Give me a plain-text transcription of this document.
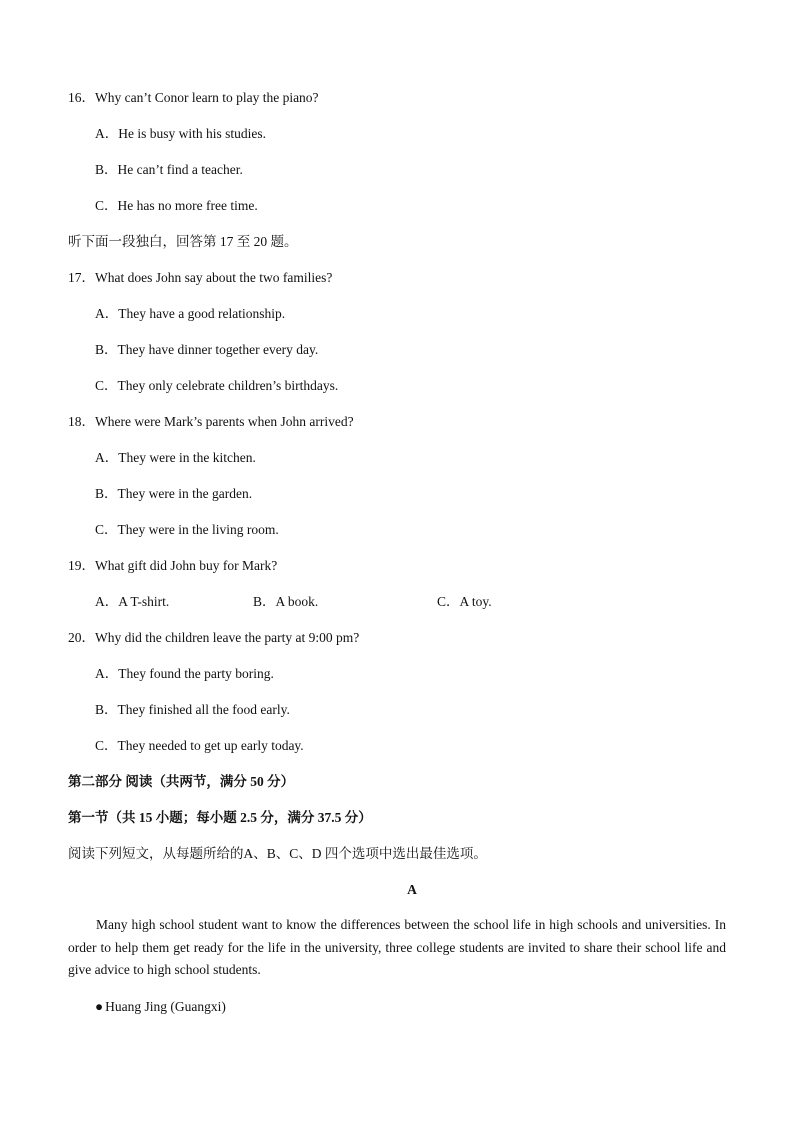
16．Why can’t Conor learn to play the piano?
A．He is busy with his studies.
B．He can’t find a teacher.
C．He has no more free time.
听下面一段独白，回答第 17 至 20 题。
17．What does John say about the two families?
A．They have a good relationship.
B．They have dinner together every day.
C．They only celebrate children’s birthdays.
18．Where were Mark’s parents when John arrived?
A．They were in the kitchen.
B．They were in the garden.
C．They were in the living room.
19．What gift did John buy for Mark?
A．A T-shirt.	B．A book.	C．A toy.
20．Why did the children leave the party at 9:00 pm?
A．They found the party boring.
B．They finished all the food early.
C．They needed to get up early today.
第二部分 阅读（共两节，满分 50 分）
第一节（共 15 小题；每小题 2.5 分，满分 37.5 分）
阅读下列短文，从每题所给的A、B、C、D 四个选项中选出最佳选项。
A
Many high school student want to know the differences between the school life in high schools and universities. In order to help them get ready for the life in the university, three college students are invited to share their school life and give advice to high school students.
● Huang Jing (Guangxi)
